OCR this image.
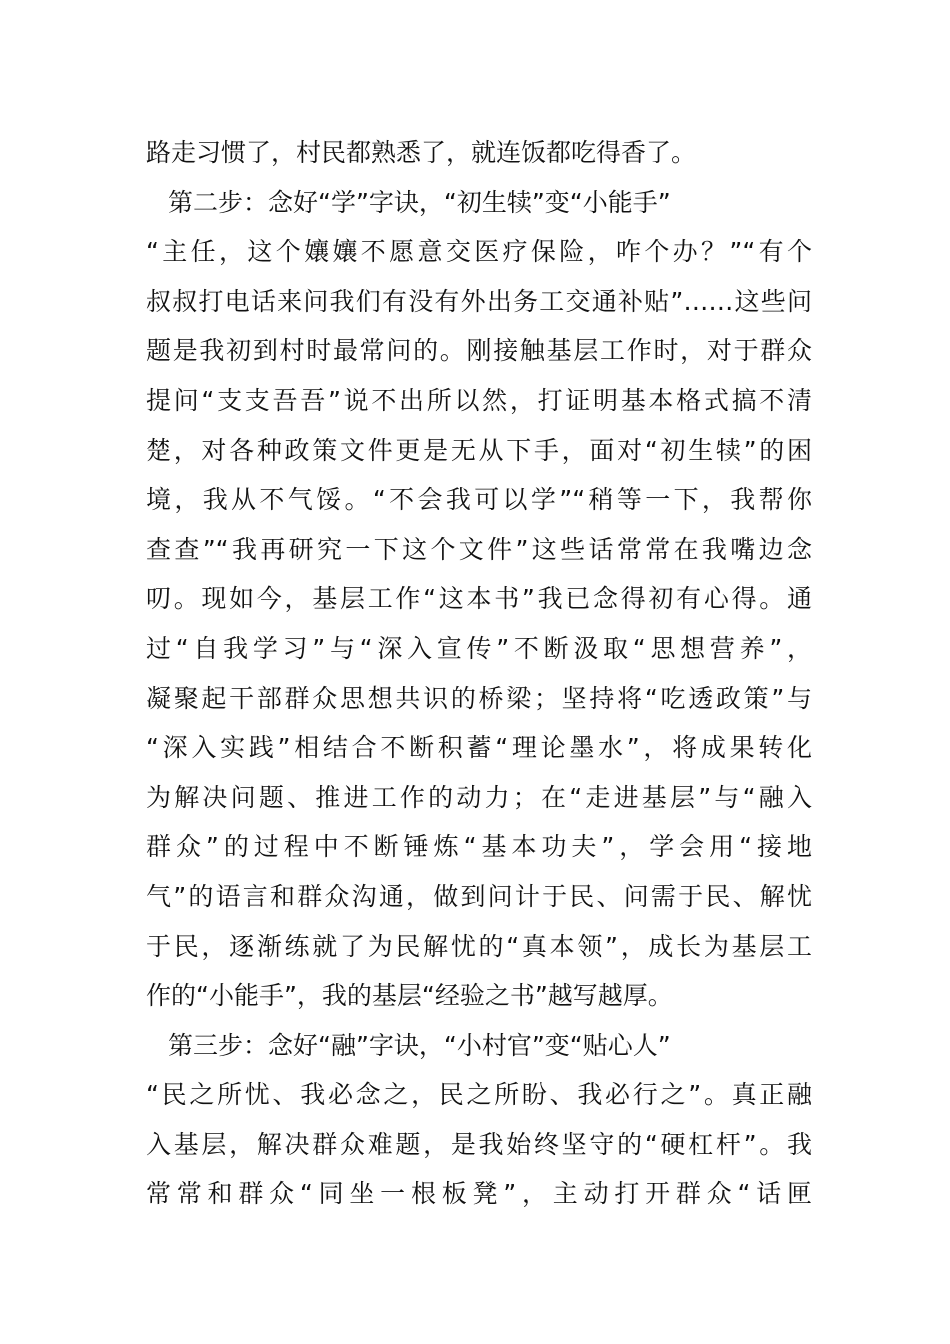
路走习惯了，村民都熟悉了，就连饭都吃得香了。
第二步：念好“学”字诀，“初生犊”变“小能手”
“主任，这个孃孃不愿意交医疗保险，咋个办？”“有个
叔叔打电话来问我们有没有外出务工交通补贴”……这些问
题是我初到村时最常问的。刚接触基层工作时，对于群众
提问“支支吾吾”说不出所以然，打证明基本格式搞不清
楚，对各种政策文件更是无从下手，面对“初生犊”的困
境，我从不气馁。“不会我可以学”“稍等一下，我帮你
查查”“我再研究一下这个文件”这些话常常在我嘴边念
叨。现如今，基层工作“这本书”我已念得初有心得。通
过“自我学习”与“深入宣传”不断汲取“思想营养”，
凝聚起干部群众思想共识的桥梁；坚持将“吃透政策”与
“深入实践”相结合不断积蓄“理论墨水”，将成果转化
为解决问题、推进工作的动力；在“走进基层”与“融入
群众”的过程中不断锤炼“基本功夫”，学会用“接地
气”的语言和群众沟通，做到问计于民、问需于民、解忧
于民，逐渐练就了为民解忧的“真本领”，成长为基层工
作的“小能手”，我的基层“经验之书”越写越厚。
第三步：念好“融”字诀，“小村官”变“贴心人”
“民之所忧、我必念之，民之所盼、我必行之”。真正融
入基层，解决群众难题，是我始终坚守的“硬杠杆”。我
常常和群众“同坐一根板凳”，主动打开群众“话匣
